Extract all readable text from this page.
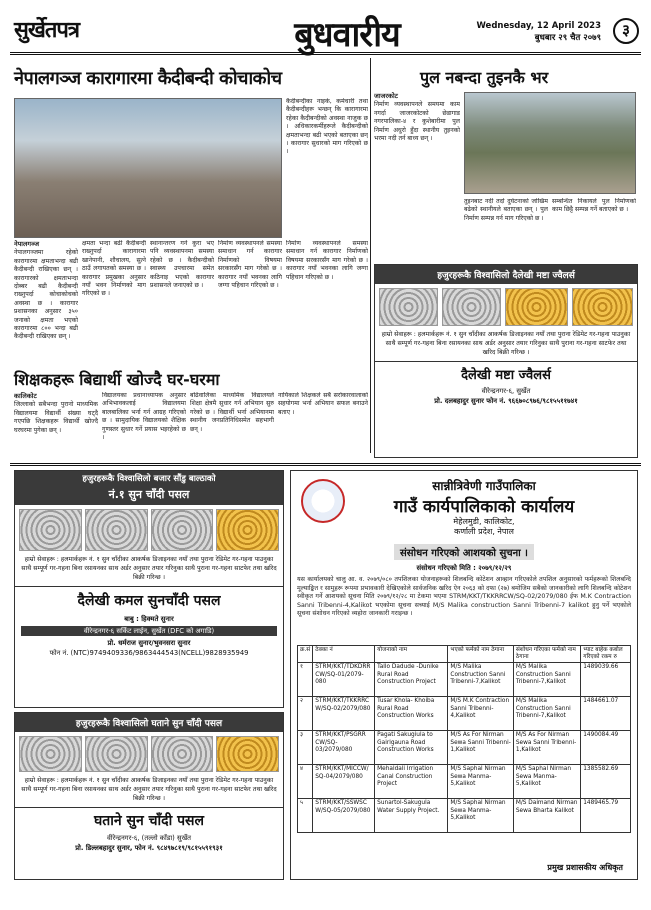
सुर्खेतपत्र	बुधवारीय	Wednesday, 12 April 2023
बुधबार २९ चैत २०७९	३
नेपालगञ्ज कारागारमा कैदीबन्दी कोचाकोच
कैदीबन्दीका नाइके, कर्मचारी तथा कैदीबन्दीहरू भन्छन् कि कारागारमा रहेका कैदीबन्दीको अवस्था नाजुक छ । अधिकारकर्मीहरूले कैदीबन्दीको क्षमताभन्दा बढी भएको बताएका छन् । कारागार सुधारको माग गरिएको छ ।
नेपालगञ्ज
नेपालगञ्जमा रहेको कारागारमा क्षमताभन्दा बढी कैदीबन्दी राखिएका छन् । कारागारको क्षमताभन्दा दोब्बर बढी कैदीबन्दी राख्नुपर्दा कोचाकोचको अवस्था छ । कारागार प्रशासनका अनुसार ३५० जनाको क्षमता भएको कारागारमा ८०० भन्दा बढी कैदीबन्दी राखिएका छन् ।
क्षमता भन्दा बढी कैदीबन्दी राख्नुपर्दा कारागारमा खानेपानी, शौचालय, सुत्ने ठाउँ लगायतको समस्या छ । कारागार प्रमुखका अनुसार नयाँ भवन निर्माणको माग गरिएको छ ।
स्थानान्तरण गर्ने कुरा भए पनि व्यवस्थापनमा समस्या रहेको छ । कैदीबन्दीको स्वास्थ्य उपचारमा समेत कठिनाइ भएको कारागार प्रशासनले जनाएको छ ।
निर्माण व्यवस्थापनले समस्या समाधान गर्न कारागार निर्माणको विषयमा सरकारसँग माग गरेको छ । कारागार नयाँ भवनका लागि जग्गा पहिचान गरिएको छ ।
निर्माण व्यवस्थापनले समस्या समाधान गर्न कारागार निर्माणको विषयमा सरकारसँग माग गरेको छ । कारागार नयाँ भवनका लागि जग्गा पहिचान गरिएको छ ।
पुल नबन्दा तुइनकै भर
जाजरकोट
निर्माण व्यवस्थापनले समयमा काम नगर्दा जाजरकोटको छेडागाड नगरपालिका-४ र कुशेबारीमा पुल निर्माण अधुरो हुँदा स्थानीय तुइनको भरमा नदी तर्न बाध्य छन् ।
तुइनबाट नदी तर्दा दुर्घटनाको जोखिम बढेको स्थानीयले बताएका छन् । पुल निर्माण सम्पन्न गर्न माग गरिएको छ ।
सम्बन्धित निकायले पुल निर्माणको काम छिट्टै सम्पन्न गर्ने बताएको छ ।
हजुरहरूकै विश्वासिलो दैलेखी मष्टा ज्वैलर्स
हाम्रो सेवाहरू : हलमार्कहरू नं. १ सुन चाँदीका आकर्षक डिजाइनका नयाँ तथा पुराना रेडिमेट गर-गहना पाउनुका साथै सम्पूर्ण गर-गहना बिना रसायनका साथ अर्डर अनुसार तयार गरिनुका साथै पुराना गर-गहना साटफेर तथा खरिद बिक्री गरिन्छ ।
दैलेखी मष्टा ज्वैलर्स
वीरेन्द्रनगर-६, सुर्खेत
प्रो. दलबहादुर सुनार फोन नं. ९६६७०८९७६/९८१५५११७४१
शिक्षकहरू बिद्यार्थी खोज्दै घर-घरमा
कालिकोट
जिल्लाको सबैभन्दा पुरानो माध्यमिक विद्यालयमा विद्यार्थी संख्या घट्दै गएपछि शिक्षकहरू विद्यार्थी खोज्दै घरघरमा पुगेका छन् ।
विद्यालयका प्रधानाध्यापक अनुसार अभिभावकलाई विद्यालयमा बालबालिका भर्ना गर्न आग्रह गरिएको छ । सामुदायिक विद्यालयको शैक्षिक गुणस्तर सुधार गर्ने प्रयास भइरहेको छ ।
बढिवालिका माध्यमिक विद्यालयले शिक्षा क्षेत्रमै सुधार गर्न अभियान सुरु गरेको छ । विद्यार्थी भर्ना अभियानमा स्थानीय जनप्रतिनिधिसमेत सहभागी छन् ।
नायिकाले शिक्षकले सबै सरोकारवालाको सहयोगमा भर्ना अभियान सफल बनाउने बताए ।
हजुरहरूकै विश्वासिलो बजार सौंडु बाल्ठाको
नं.१ सुन चाँदी पसल
हाम्रो सेवाहरू : हलमार्कहरू नं. १ सुन चाँदीका आकर्षक डिजाइनका नयाँ तथा पुराना रेडिमेट गर-गहना पाउनुका साथै सम्पूर्ण गर-गहना बिना रसायनका साथ अर्डर अनुसार तयार गरिनुका साथै पुराना गर-गहना साटफेर तथा खरिद बिक्री गरिन्छ ।
दैलेखी कमल सुनचाँदी पसल
बाबु : हिक्मते सुनार
वीरेन्द्रनगर-६ सर्किट लाईन, सुर्खेत (DFC को अगाडि)
प्रो. धर्मराज सुनार/भुवनसरा सुनार
फोन नं. (NTC)9749409336/9863444543(NCELL)9828935949
हजुरहरूकै विश्वासिलो घताने सुन चाँदी पसल
हाम्रो सेवाहरू : हलमार्कहरू नं. १ सुन चाँदीका आकर्षक डिजाइनका नयाँ तथा पुराना रेडिमेट गर-गहना पाउनुका साथै सम्पूर्ण गर-गहना बिना रसायनका साथ अर्डर अनुसार तयार गरिनुका साथै पुराना गर-गहना साटफेर तथा खरिद बिक्री गरिन्छ ।
घताने सुन चाँदी पसल
वीरेन्द्रनगर-६, (तल्लो काँडा) सुर्खेत
प्रो. डिल्लबहादुर सुनार, फोन नं. ९८४९७८१९/९८१५५९१९३१
सान्नीत्रिवेणी गाउँपालिका
गाउँ कार्यपालिकाको कार्यालय
मेहेलमुडी, कालिकोट,
कर्णाली प्रदेश, नेपाल
संसोधन गरिएको आशयको सुचना ।
संसोधन गरिएको मिति : २०७९/१२/२९
यस कार्यालयको चालु आ. व. २०७९/०८० तपशिलका योजनाहरूको शिलबन्दि कोटेशन आव्हान गरिएकोले तपशिल अनुसारको फर्महरूको शिलबन्दि मूल्याङ्कित र सामुहरू रूपमा प्रभावकारी देखिएकोले सार्वजनिक खरिद ऐन २०६३ को दफा (२७) बमोजिम सबैको जानकारीको लागि शिलबन्दि कोटेशन स्वीकृत गर्ने आशयको सूचना मिति २०७९/१२/२८ मा टेकमा भएमा STRM/KKT/TKKRRCW/SQ-02/2079/080 ईफ M.K Contraction Sanni Tribenni-4,Kalikot भएकोमा सूचना सच्याई M/S Malika construction Sanni Tribenni-7 kalikot हुनु पर्ने भएकोले सूचना संशोधन गरिएको व्यहोरा जानकारी गराइन्छ ।
क्र.सं	ठेक्का नं	योजनाको नाम	भएको फर्मको नाम ठेगाना	संशोधन गरिएका फर्मको नाम ठेगाना	भ्याट बाहेक कबोल गरिएको रकम रु
१	STRM/KKT/TDKDRR CW/SQ-01/2079-080	Tallo Dadude -Dunike Rural Road Construction Project	M/S Malika Construction Sanni Tribenni-7,Kalikot	M/S Malika Construction Sanni Tribenni-7,Kalikot	1489039.66
२	STRM/KKT/TKKRRC W/SQ-02/2079/080	Tusar Khola- Khoiba Rural Road Construction Works	M/S M.K Contraction Sanni Tribenni-4,Kalikot	M/S Malika Construction Sanni Tribenni-7,Kalikot	1484661.07
३	STRM/KKT/PSGRR CW/SQ-03/2079/080	Pagati Sakugiula to Gairigauna Road Construction Works	M/S As For Nirman Sewa Sanni Tribenni-1,Kalikot	M/S As For Nirman Sewa Sanni Tribenni-1,Kalikot	1490084.49
४	STRM/KKT/MICCW/ SQ-04/2079/080	Mehaldali Irrigation Canal Construction Project	M/S Saphal Nirman Sewa Manma-5,Kalikot	M/S Saphal Nirman Sewa Manma-5,Kalikot	1385582.69
५	STRM/KKT/SSWSC W/SQ-05/2079/080	Sunartol-Sakugula Water Supply Project.	M/S Saphal Nirman Sewa Manma-5,Kalikot	M/S Daimand Nirman Sewa Bharta Kalikot	1489465.79
प्रमुख प्रशासकीय अधिकृत
